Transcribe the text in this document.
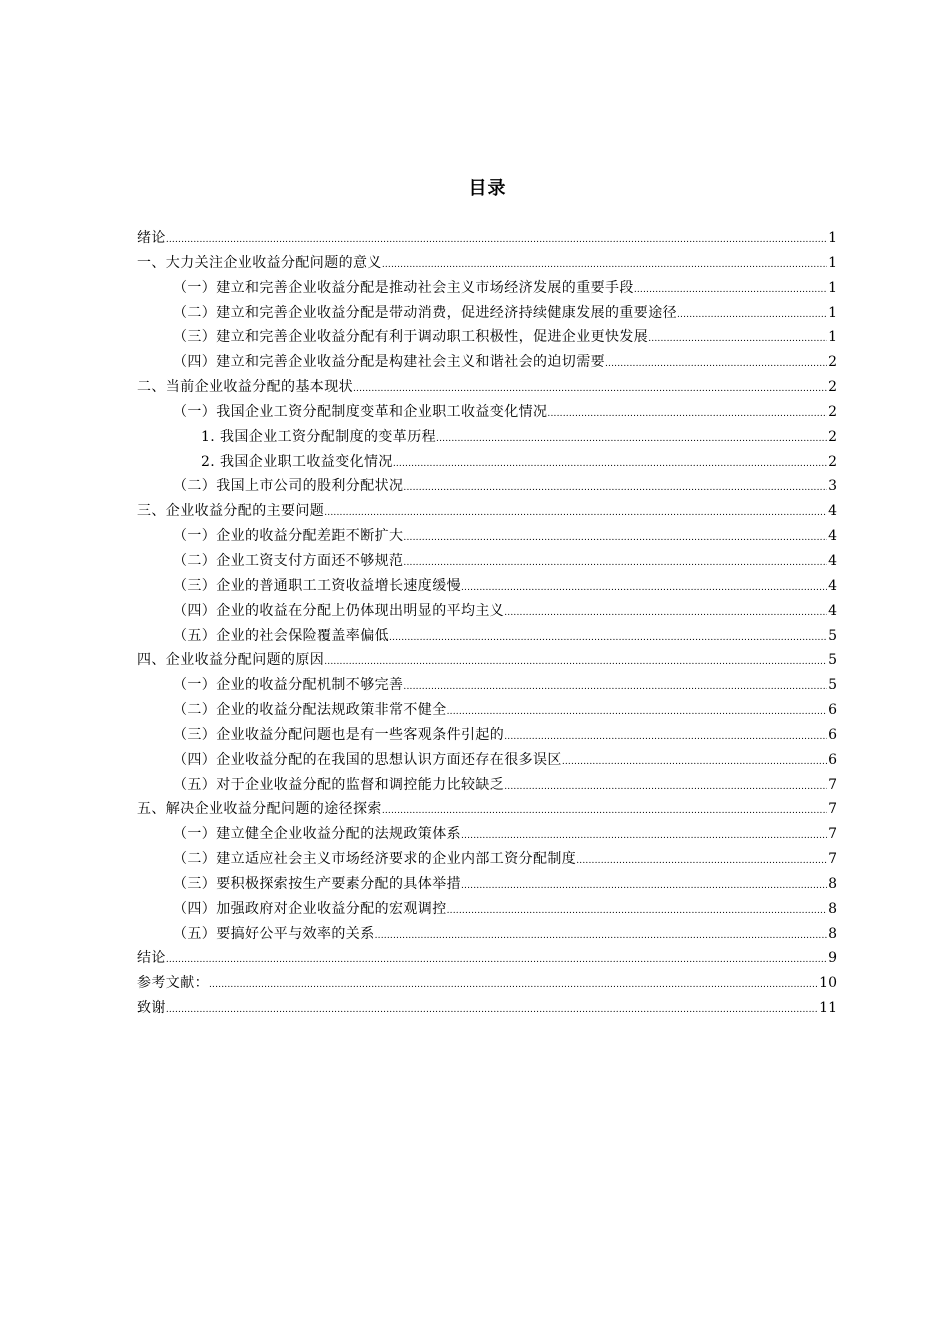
目录
绪论 .....	1
一、大力关注企业收益分配问题的意义 .....	1
（一）建立和完善企业收益分配是推动社会主义市场经济发展的重要手段 .....	1
（二）建立和完善企业收益分配是带动消费，促进经济持续健康发展的重要途径 .....	1
（三）建立和完善企业收益分配有利于调动职工积极性，促进企业更快发展 .....	1
（四）建立和完善企业收益分配是构建社会主义和谐社会的迫切需要 .....	2
二、当前企业收益分配的基本现状 .....	2
（一）我国企业工资分配制度变革和企业职工收益变化情况 .....	2
1. 我国企业工资分配制度的变革历程 .....	2
2. 我国企业职工收益变化情况 .....	2
（二）我国上市公司的股利分配状况 .....	3
三、企业收益分配的主要问题 .....	4
（一）企业的收益分配差距不断扩大 .....	4
（二）企业工资支付方面还不够规范 .....	4
（三）企业的普通职工工资收益增长速度缓慢 .....	4
（四）企业的收益在分配上仍体现出明显的平均主义 .....	4
（五）企业的社会保险覆盖率偏低 .....	5
四、企业收益分配问题的原因 .....	5
（一）企业的收益分配机制不够完善 .....	5
（二）企业的收益分配法规政策非常不健全 .....	6
（三）企业收益分配问题也是有一些客观条件引起的 .....	6
（四）企业收益分配的在我国的思想认识方面还存在很多误区 .....	6
（五）对于企业收益分配的监督和调控能力比较缺乏 .....	7
五、解决企业收益分配问题的途径探索 .....	7
（一）建立健全企业收益分配的法规政策体系 .....	7
（二）建立适应社会主义市场经济要求的企业内部工资分配制度 .....	7
（三）要积极探索按生产要素分配的具体举措 .....	8
（四）加强政府对企业收益分配的宏观调控 .....	8
（五）要搞好公平与效率的关系 .....	8
结论 .....	9
参考文献： .....	10
致谢 .....	11
